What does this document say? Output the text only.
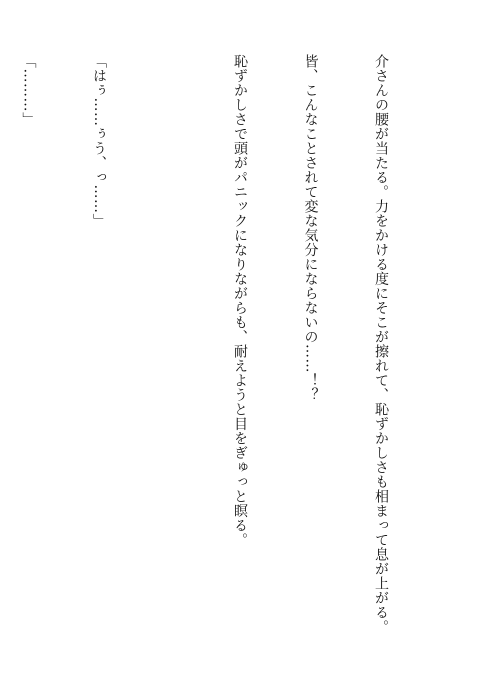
介さんの腰が当たる。力をかける度にそこが擦れて、恥ずかしさも相まって息が上がる。

皆、こんなことされて変な気分にならないの……！？

恥ずかしさで頭がパニックになりながらも、耐えようと目をぎゅっと瞑る。

「はぅ……ぅう、っ……」

「………」
